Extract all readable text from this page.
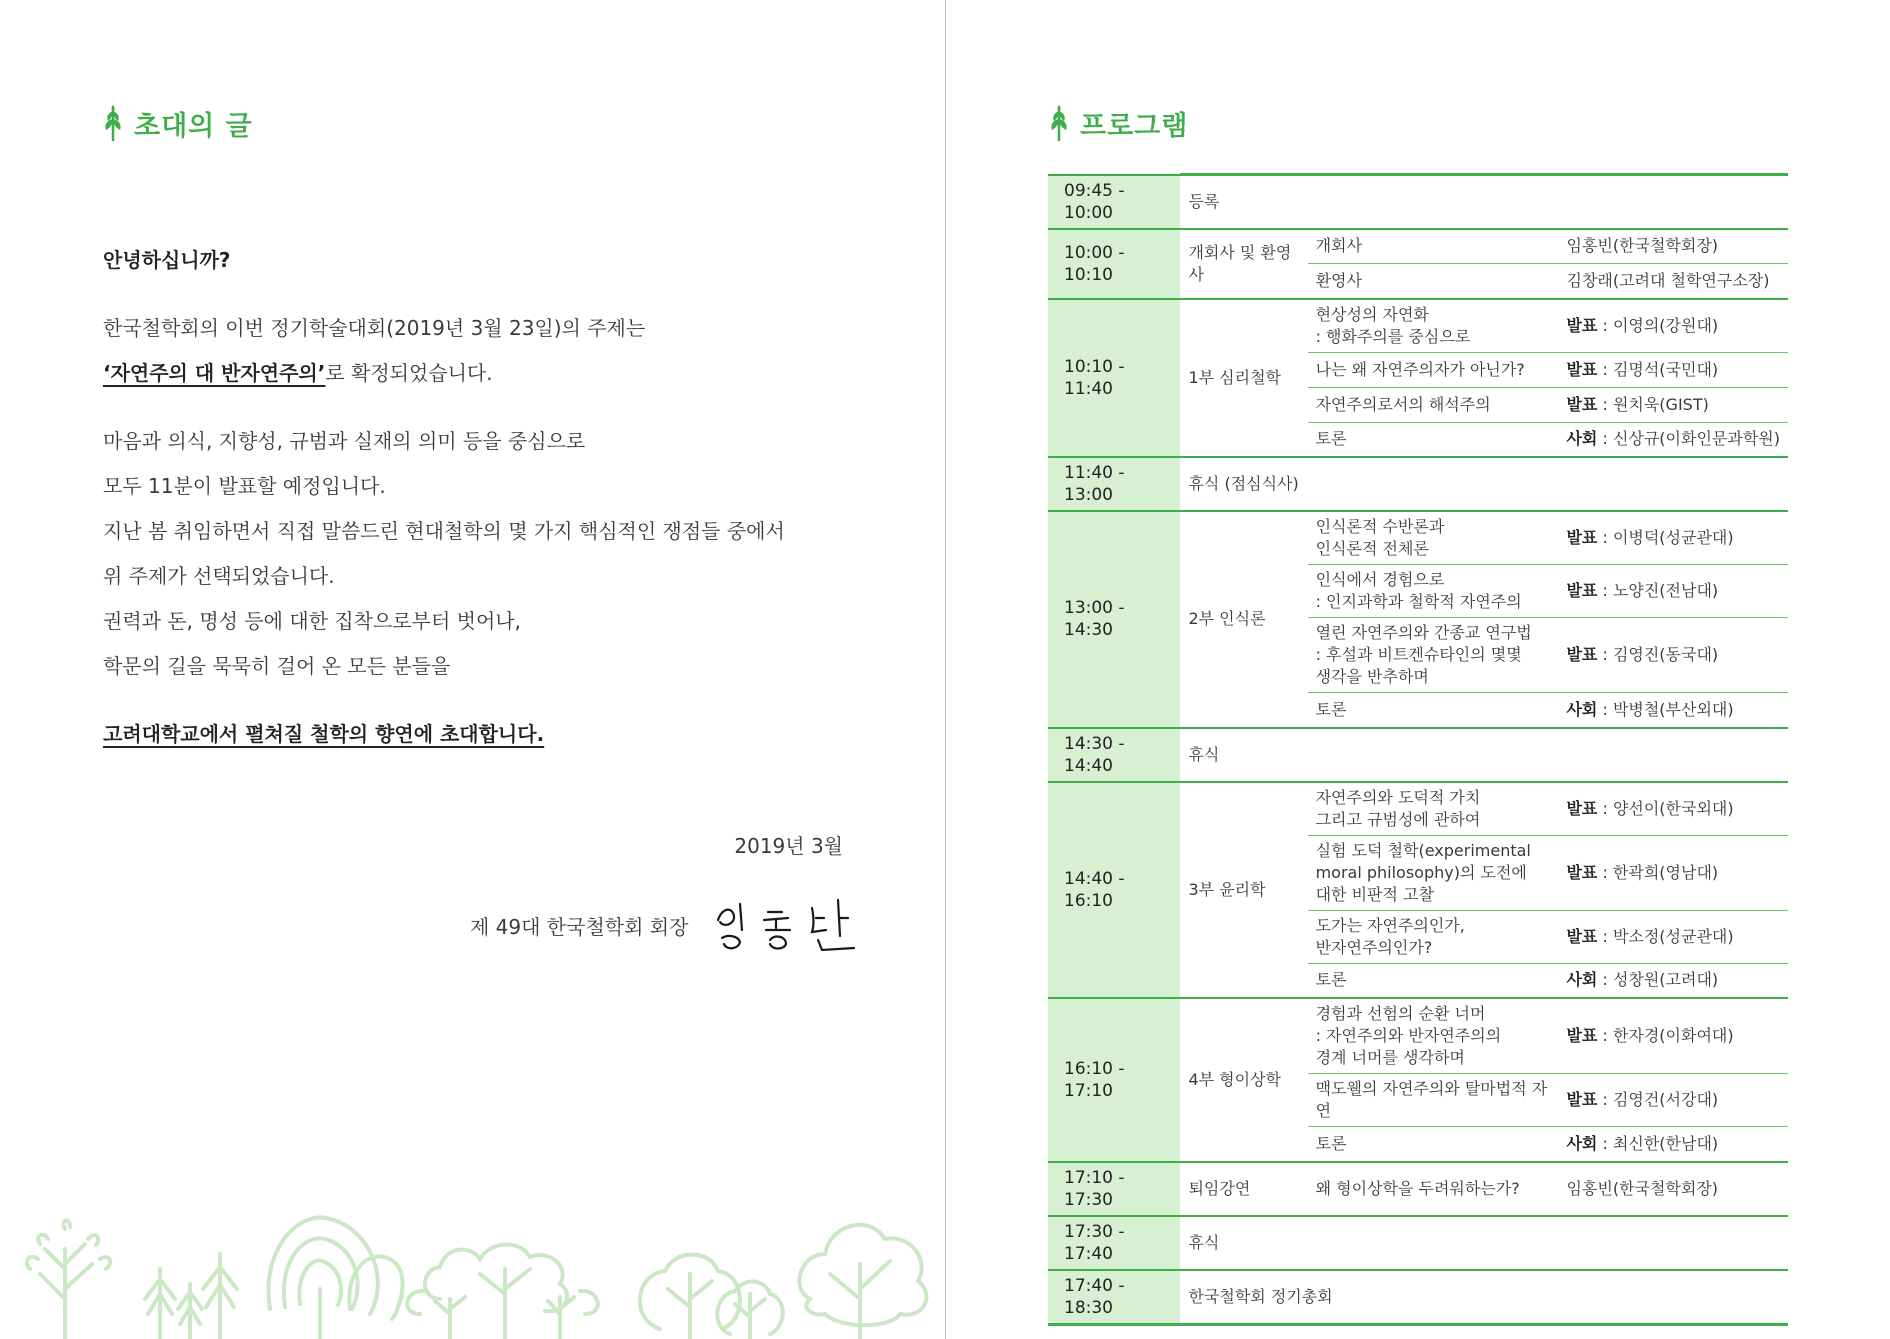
초대의 글

안녕하십니까?

한국철학회의 이번 정기학술대회(2019년 3월 23일)의 주제는

‘자연주의 대 반자연주의’로 확정되었습니다.

마음과 의식, 지향성, 규범과 실재의 의미 등을 중심으로

모두 11분이 발표할 예정입니다.

지난 봄 취임하면서 직접 말씀드린 현대철학의 몇 가지 핵심적인 쟁점들 중에서

위 주제가 선택되었습니다.

권력과 돈, 명성 등에 대한 집착으로부터 벗어나,

학문의 길을 묵묵히 걸어 온 모든 분들을

고려대학교에서 펼쳐질 철학의 향연에 초대합니다.

2019년 3월
제 49대 한국철학회 회장
프로그램
09:45 - 10:00	등록		
10:00 - 10:10	개회사 및 환영사	개회사	임홍빈(한국철학회장)
		환영사	김창래(고려대 철학연구소장)
10:10 - 11:40	1부 심리철학	현상성의 자연화
: 행화주의를 중심으로	발표 : 이영의(강원대)
		나는 왜 자연주의자가 아닌가?	발표 : 김명석(국민대)
		자연주의로서의 해석주의	발표 : 원치욱(GIST)
		토론	사회 : 신상규(이화인문과학원)
11:40 - 13:00	휴식 (점심식사)		
13:00 - 14:30	2부 인식론	인식론적 수반론과
인식론적 전체론	발표 : 이병덕(성균관대)
		인식에서 경험으로
: 인지과학과 철학적 자연주의	발표 : 노양진(전남대)
		열린 자연주의와 간종교 연구법
: 후설과 비트겐슈타인의 몇몇
생각을 반추하며	발표 : 김영진(동국대)
		토론	사회 : 박병철(부산외대)
14:30 - 14:40	휴식		
14:40 - 16:10	3부 윤리학	자연주의와 도덕적 가치
그리고 규범성에 관하여	발표 : 양선이(한국외대)
		실험 도덕 철학(experimental
moral philosophy)의 도전에
대한 비판적 고찰	발표 : 한곽희(영남대)
		도가는 자연주의인가,
반자연주의인가?	발표 : 박소정(성균관대)
		토론	사회 : 성창원(고려대)
16:10 - 17:10	4부 형이상학	경험과 선험의 순환 너머
: 자연주의와 반자연주의의
경계 너머를 생각하며	발표 : 한자경(이화여대)
		맥도웰의 자연주의와 탈마법적 자연	발표 : 김영건(서강대)
		토론	사회 : 최신한(한남대)
17:10 - 17:30	퇴임강연	왜 형이상학을 두려워하는가?	임홍빈(한국철학회장)
17:30 - 17:40	휴식		
17:40 - 18:30	한국철학회 정기총회		
